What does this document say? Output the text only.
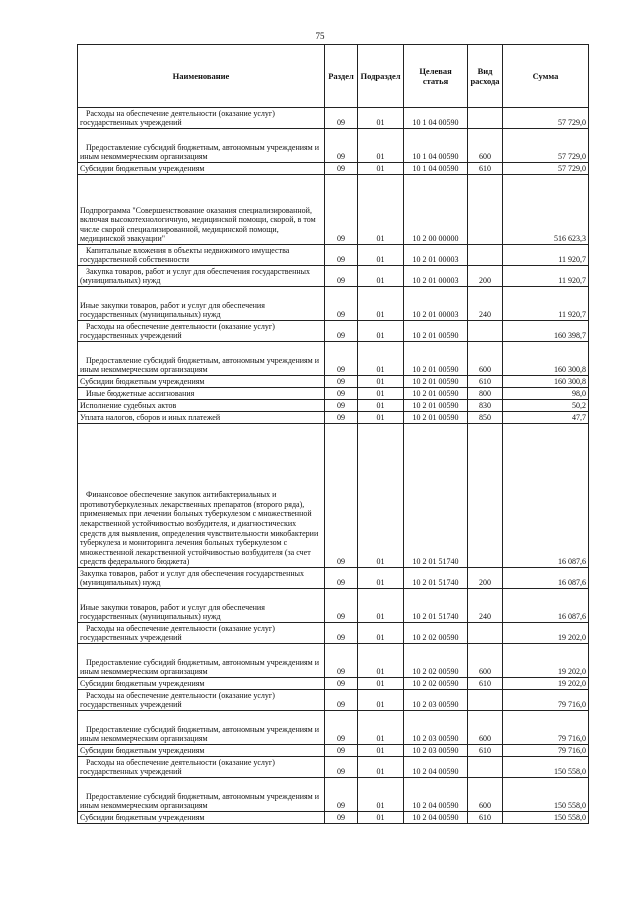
75
Наименование	Раздел	Подраздел	Целевая статья	Вид расхода	Сумма
Расходы на обеспечение деятельности (оказание услуг) государственных учреждений	09	01	10 1 04 00590		57 729,0
Предоставление субсидий бюджетным, автономным учреждениям и иным некоммерческим организациям	09	01	10 1 04 00590	600	57 729,0
Субсидии бюджетным учреждениям	09	01	10 1 04 00590	610	57 729,0
Подпрограмма "Совершенствование оказания специализированной, включая высокотехнологичную, медицинской помощи, скорой, в том числе скорой специализированной, медицинской помощи, медицинской эвакуации"	09	01	10 2 00 00000		516 623,3
Капитальные вложения в объекты недвижимого имущества государственной собственности	09	01	10 2 01 00003		11 920,7
Закупка товаров, работ и услуг для обеспечения государственных (муниципальных) нужд	09	01	10 2 01 00003	200	11 920,7
Иные закупки товаров, работ и услуг для обеспечения государственных (муниципальных) нужд	09	01	10 2 01 00003	240	11 920,7
Расходы на обеспечение деятельности (оказание услуг) государственных учреждений	09	01	10 2 01 00590		160 398,7
Предоставление субсидий бюджетным, автономным учреждениям и иным некоммерческим организациям	09	01	10 2 01 00590	600	160 300,8
Субсидии бюджетным учреждениям	09	01	10 2 01 00590	610	160 300,8
Иные бюджетные ассигнования	09	01	10 2 01 00590	800	98,0
Исполнение судебных актов	09	01	10 2 01 00590	830	50,2
Уплата налогов, сборов и иных платежей	09	01	10 2 01 00590	850	47,7
Финансовое обеспечение закупок антибактериальных и противотуберкулезных лекарственных препаратов (второго ряда), применяемых при лечении больных туберкулезом с множественной лекарственной устойчивостью возбудителя, и диагностических средств для выявления, определения чувствительности микобактерии туберкулеза и мониторинга лечения больных туберкулезом с множественной лекарственной устойчивостью возбудителя (за счет средств федерального бюджета)	09	01	10 2 01 51740		16 087,6
Закупка товаров, работ и услуг для обеспечения государственных (муниципальных) нужд	09	01	10 2 01 51740	200	16 087,6
Иные закупки товаров, работ и услуг для обеспечения государственных (муниципальных) нужд	09	01	10 2 01 51740	240	16 087,6
Расходы на обеспечение деятельности (оказание услуг) государственных учреждений	09	01	10 2 02 00590		19 202,0
Предоставление субсидий бюджетным, автономным учреждениям и иным некоммерческим организациям	09	01	10 2 02 00590	600	19 202,0
Субсидии бюджетным учреждениям	09	01	10 2 02 00590	610	19 202,0
Расходы на обеспечение деятельности (оказание услуг) государственных учреждений	09	01	10 2 03 00590		79 716,0
Предоставление субсидий бюджетным, автономным учреждениям и иным некоммерческим организациям	09	01	10 2 03 00590	600	79 716,0
Субсидии бюджетным учреждениям	09	01	10 2 03 00590	610	79 716,0
Расходы на обеспечение деятельности (оказание услуг) государственных учреждений	09	01	10 2 04 00590		150 558,0
Предоставление субсидий бюджетным, автономным учреждениям и иным некоммерческим организациям	09	01	10 2 04 00590	600	150 558,0
Субсидии бюджетным учреждениям	09	01	10 2 04 00590	610	150 558,0
